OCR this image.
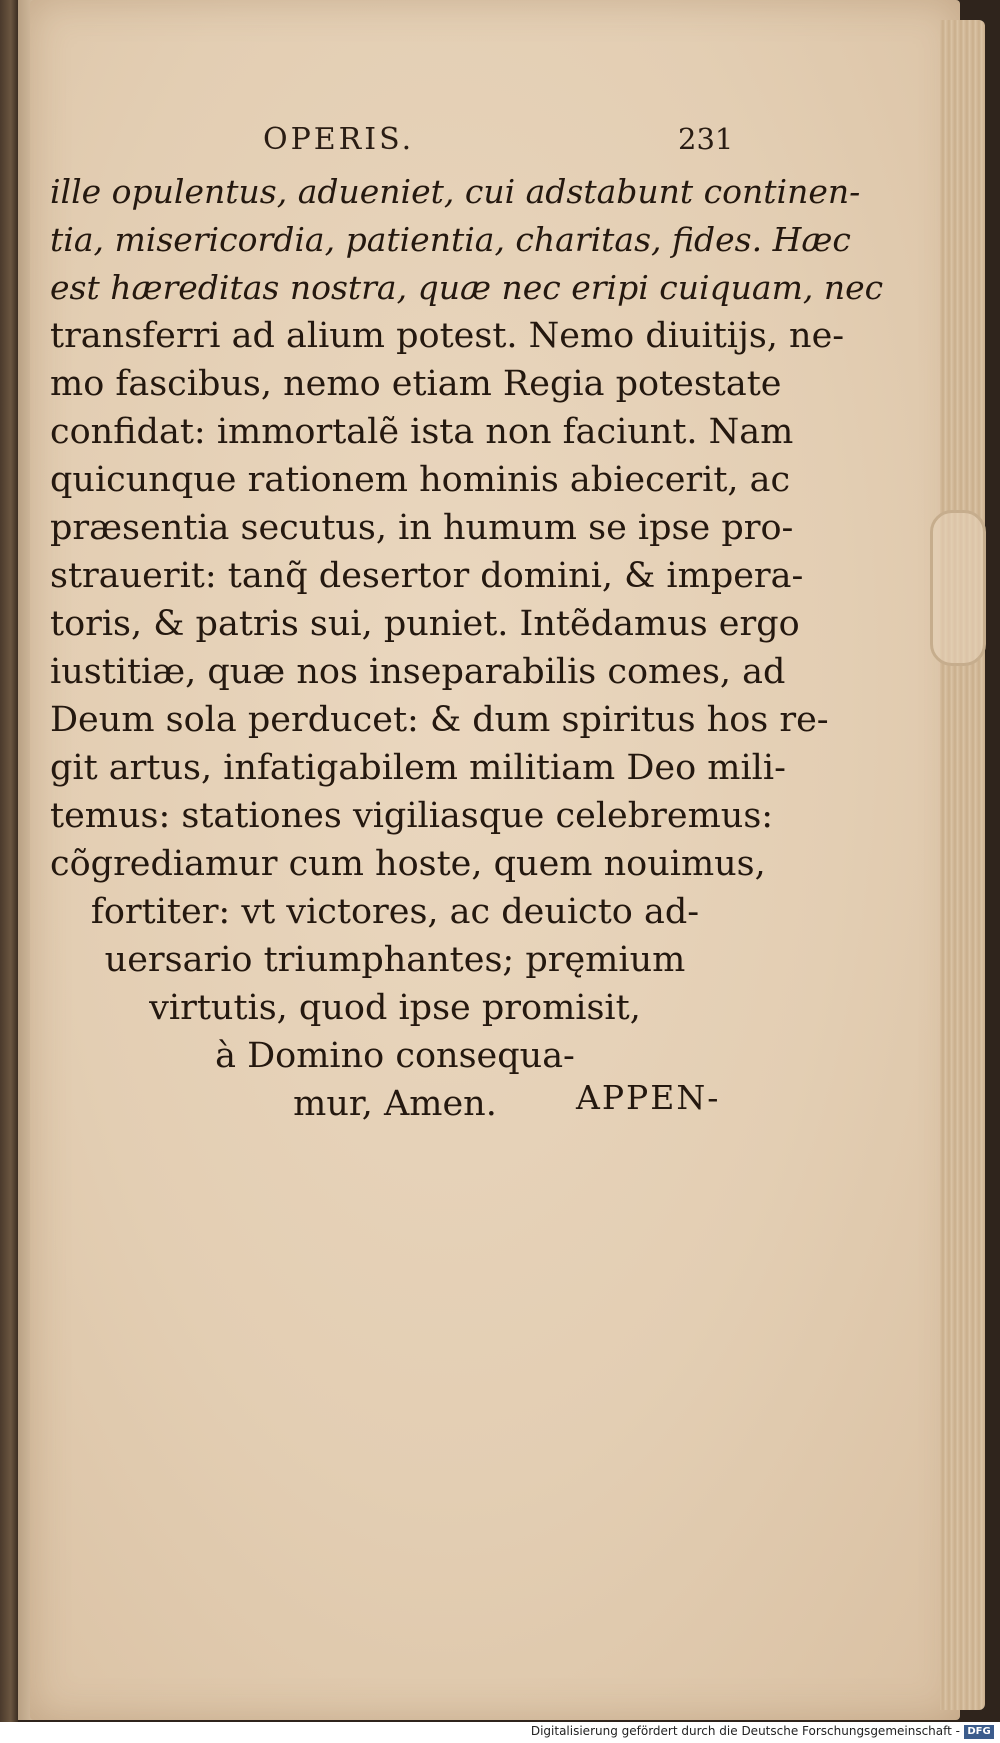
OPERIS.	231
ille opulentus, adueniet, cui adstabunt continen-
tia, misericordia, patientia, charitas, fides. Hæc
est hæreditas nostra, quæ nec eripi cuiquam, nec
transferri ad alium potest. Nemo diuitijs, ne-
mo fascibus, nemo etiam Regia potestate
confidat: immortalẽ ista non faciunt. Nam
quicunque rationem hominis abiecerit, ac
præsentia secutus, in humum se ipse pro-
strauerit: tanq̃ desertor domini, & impera-
toris, & patris sui, puniet. Intẽdamus ergo
iustitiæ, quæ nos inseparabilis comes, ad
Deum sola perducet: & dum spiritus hos re-
git artus, infatigabilem militiam Deo mili-
temus: stationes vigiliasque celebremus:
cõgrediamur cum hoste, quem nouimus,
fortiter: vt victores, ac deuicto ad-
uersario triumphantes; pręmium
virtutis, quod ipse promisit,
à Domino consequa-
mur, Amen.	APPEN-
Digitalisierung gefördert durch die Deutsche Forschungsgemeinschaft - DFG
